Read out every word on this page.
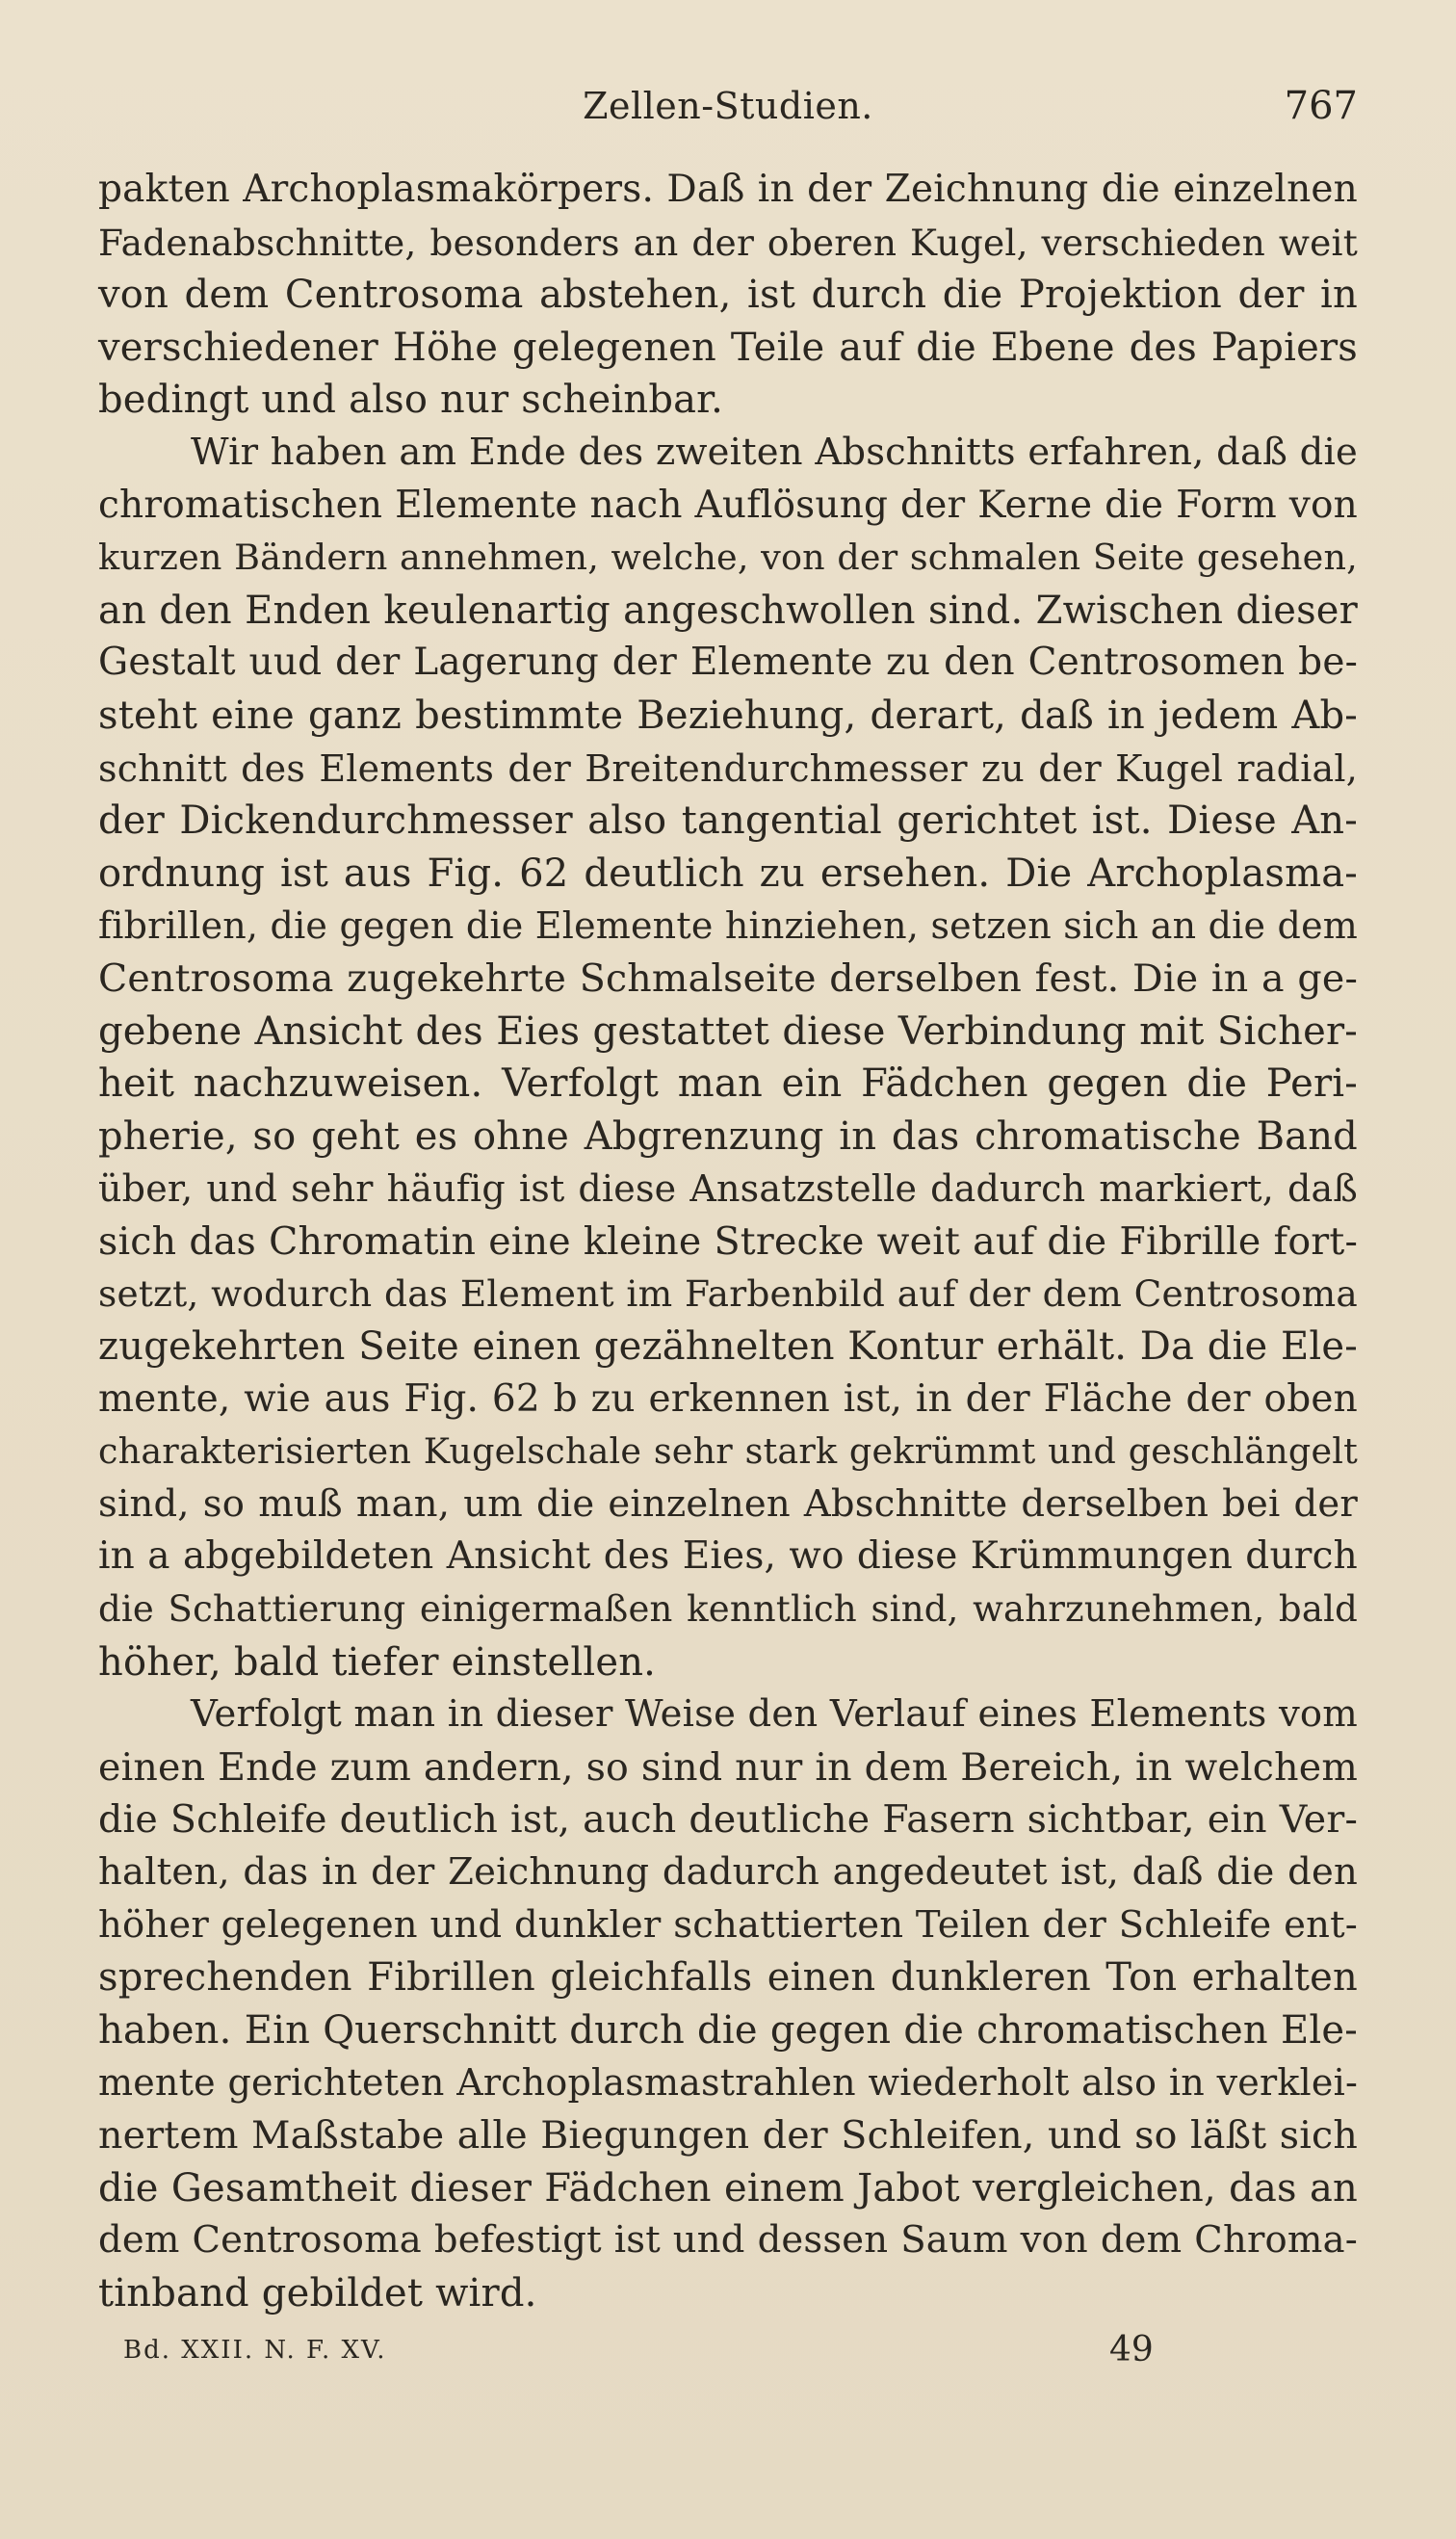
Zellen-Studien.	767
pakten Archoplasmakörpers. Daß in der Zeichnung die einzelnen
Fadenabschnitte, besonders an der oberen Kugel, verschieden weit
von dem Centrosoma abstehen, ist durch die Projektion der in
verschiedener Höhe gelegenen Teile auf die Ebene des Papiers
bedingt und also nur scheinbar.
Wir haben am Ende des zweiten Abschnitts erfahren, daß die
chromatischen Elemente nach Auflösung der Kerne die Form von
kurzen Bändern annehmen, welche, von der schmalen Seite gesehen,
an den Enden keulenartig angeschwollen sind. Zwischen dieser
Gestalt uud der Lagerung der Elemente zu den Centrosomen be-
steht eine ganz bestimmte Beziehung, derart, daß in jedem Ab-
schnitt des Elements der Breitendurchmesser zu der Kugel radial,
der Dickendurchmesser also tangential gerichtet ist. Diese An-
ordnung ist aus Fig. 62 deutlich zu ersehen. Die Archoplasma-
fibrillen, die gegen die Elemente hinziehen, setzen sich an die dem
Centrosoma zugekehrte Schmalseite derselben fest. Die in a ge-
gebene Ansicht des Eies gestattet diese Verbindung mit Sicher-
heit nachzuweisen. Verfolgt man ein Fädchen gegen die Peri-
pherie, so geht es ohne Abgrenzung in das chromatische Band
über, und sehr häufig ist diese Ansatzstelle dadurch markiert, daß
sich das Chromatin eine kleine Strecke weit auf die Fibrille fort-
setzt, wodurch das Element im Farbenbild auf der dem Centrosoma
zugekehrten Seite einen gezähnelten Kontur erhält. Da die Ele-
mente, wie aus Fig. 62 b zu erkennen ist, in der Fläche der oben
charakterisierten Kugelschale sehr stark gekrümmt und geschlängelt
sind, so muß man, um die einzelnen Abschnitte derselben bei der
in a abgebildeten Ansicht des Eies, wo diese Krümmungen durch
die Schattierung einigermaßen kenntlich sind, wahrzunehmen, bald
höher, bald tiefer einstellen.
Verfolgt man in dieser Weise den Verlauf eines Elements vom
einen Ende zum andern, so sind nur in dem Bereich, in welchem
die Schleife deutlich ist, auch deutliche Fasern sichtbar, ein Ver-
halten, das in der Zeichnung dadurch angedeutet ist, daß die den
höher gelegenen und dunkler schattierten Teilen der Schleife ent-
sprechenden Fibrillen gleichfalls einen dunkleren Ton erhalten
haben. Ein Querschnitt durch die gegen die chromatischen Ele-
mente gerichteten Archoplasmastrahlen wiederholt also in verklei-
nertem Maßstabe alle Biegungen der Schleifen, und so läßt sich
die Gesamtheit dieser Fädchen einem Jabot vergleichen, das an
dem Centrosoma befestigt ist und dessen Saum von dem Chroma-
tinband gebildet wird.
Bd. XXII. N. F. XV.	49
